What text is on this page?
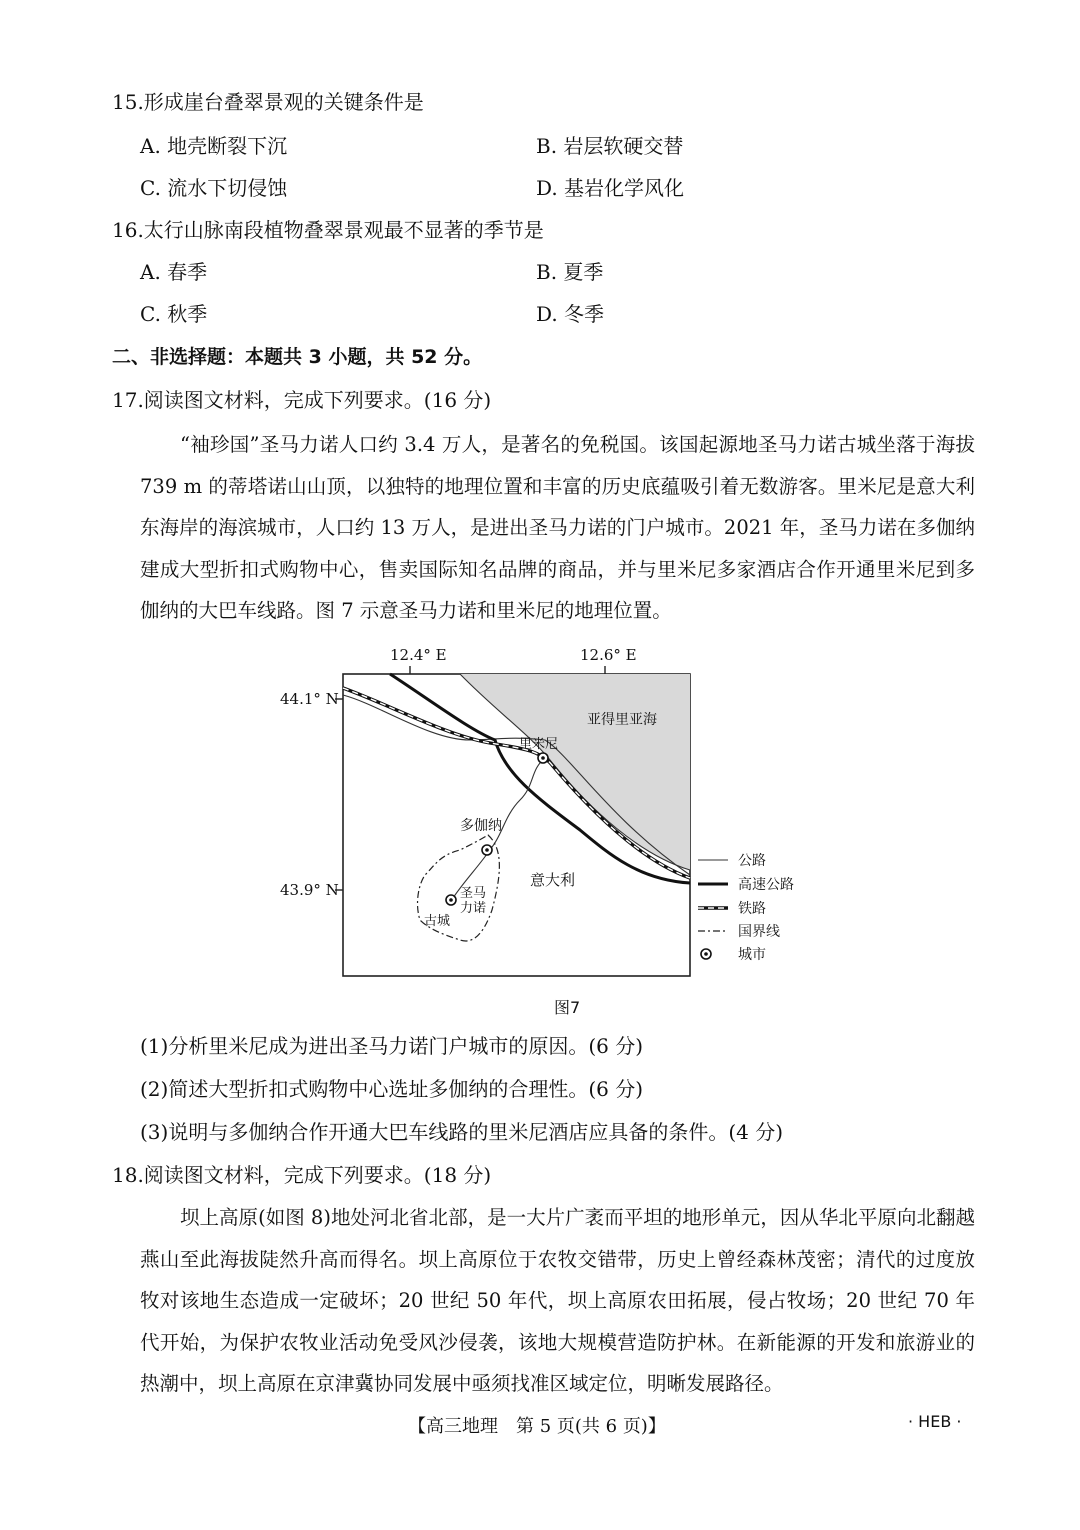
15.形成崖台叠翠景观的关键条件是
A. 地壳断裂下沉	B. 岩层软硬交替
C. 流水下切侵蚀	D. 基岩化学风化
16.太行山脉南段植物叠翠景观最不显著的季节是
A. 春季	B. 夏季
C. 秋季	D. 冬季
二、非选择题：本题共 3 小题，共 52 分。
17.阅读图文材料，完成下列要求。(16 分)
“袖珍国”圣马力诺人口约 3.4 万人，是著名的免税国。该国起源地圣马力诺古城坐落于海拔 739 m 的蒂塔诺山山顶，以独特的地理位置和丰富的历史底蕴吸引着无数游客。里米尼是意大利东海岸的海滨城市，人口约 13 万人，是进出圣马力诺的门户城市。2021 年，圣马力诺在多伽纳建成大型折扣式购物中心，售卖国际知名品牌的商品，并与里米尼多家酒店合作开通里米尼到多伽纳的大巴车线路。图 7 示意圣马力诺和里米尼的地理位置。
12.4° E	12.6° E
44.1° N
43.9° N
亚得里亚海
里米尼
多伽纳
意大利
圣马
力诺
古城
公路
高速公路
铁路
国界线
城市
图7
(1)分析里米尼成为进出圣马力诺门户城市的原因。(6 分)
(2)简述大型折扣式购物中心选址多伽纳的合理性。(6 分)
(3)说明与多伽纳合作开通大巴车线路的里米尼酒店应具备的条件。(4 分)
18.阅读图文材料，完成下列要求。(18 分)
坝上高原(如图 8)地处河北省北部，是一大片广袤而平坦的地形单元，因从华北平原向北翻越燕山至此海拔陡然升高而得名。坝上高原位于农牧交错带，历史上曾经森林茂密；清代的过度放牧对该地生态造成一定破坏；20 世纪 50 年代，坝上高原农田拓展，侵占牧场；20 世纪 70 年代开始，为保护农牧业活动免受风沙侵袭，该地大规模营造防护林。在新能源的开发和旅游业的热潮中，坝上高原在京津冀协同发展中亟须找准区域定位，明晰发展路径。
【高三地理　第 5 页(共 6 页)】	· HEB ·
